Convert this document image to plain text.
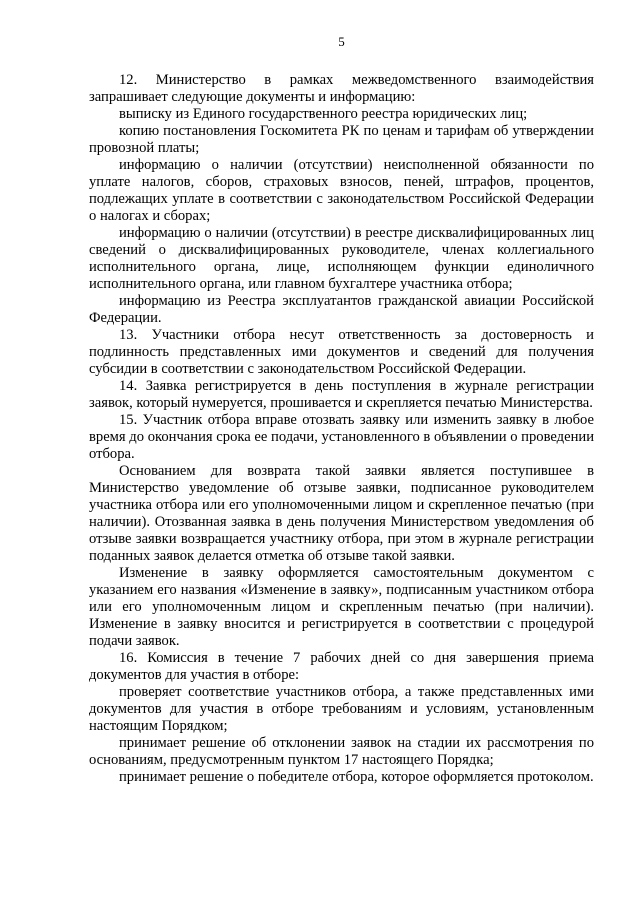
5

12. Министерство в рамках межведомственного взаимодействия запрашивает следующие документы и информацию:

выписку из Единого государственного реестра юридических лиц;

копию постановления Госкомитета РК по ценам и тарифам об утверждении провозной платы;

информацию о наличии (отсутствии) неисполненной обязанности по уплате налогов, сборов, страховых взносов, пеней, штрафов, процентов, подлежащих уплате в соответствии с законодательством Российской Федерации о налогах и сборах;

информацию о наличии (отсутствии) в реестре дисквалифицированных лиц сведений о дисквалифицированных руководителе, членах коллегиального исполнительного органа, лице, исполняющем функции единоличного исполнительного органа, или главном бухгалтере участника отбора;

информацию из Реестра эксплуатантов гражданской авиации Российской Федерации.

13. Участники отбора несут ответственность за достоверность и подлинность представленных ими документов и сведений для получения субсидии в соответствии с законодательством Российской Федерации.

14. Заявка регистрируется в день поступления в журнале регистрации заявок, который нумеруется, прошивается и скрепляется печатью Министерства.

15. Участник отбора вправе отозвать заявку или изменить заявку в любое время до окончания срока ее подачи, установленного в объявлении о проведении отбора.

Основанием для возврата такой заявки является поступившее в Министерство уведомление об отзыве заявки, подписанное руководителем участника отбора или его уполномоченными лицом и скрепленное печатью (при наличии). Отозванная заявка в день получения Министерством уведомления об отзыве заявки возвращается участнику отбора, при этом в журнале регистрации поданных заявок делается отметка об отзыве такой заявки.

Изменение в заявку оформляется самостоятельным документом с указанием его названия «Изменение в заявку», подписанным участником отбора или его уполномоченным лицом и скрепленным печатью (при наличии). Изменение в заявку вносится и регистрируется в соответствии с процедурой подачи заявок.

16. Комиссия в течение 7 рабочих дней со дня завершения приема документов для участия в отборе:

проверяет соответствие участников отбора, а также представленных ими документов для участия в отборе требованиям и условиям, установленным настоящим Порядком;

принимает решение об отклонении заявок на стадии их рассмотрения по основаниям, предусмотренным пунктом 17 настоящего Порядка;

принимает решение о победителе отбора, которое оформляется протоколом.
